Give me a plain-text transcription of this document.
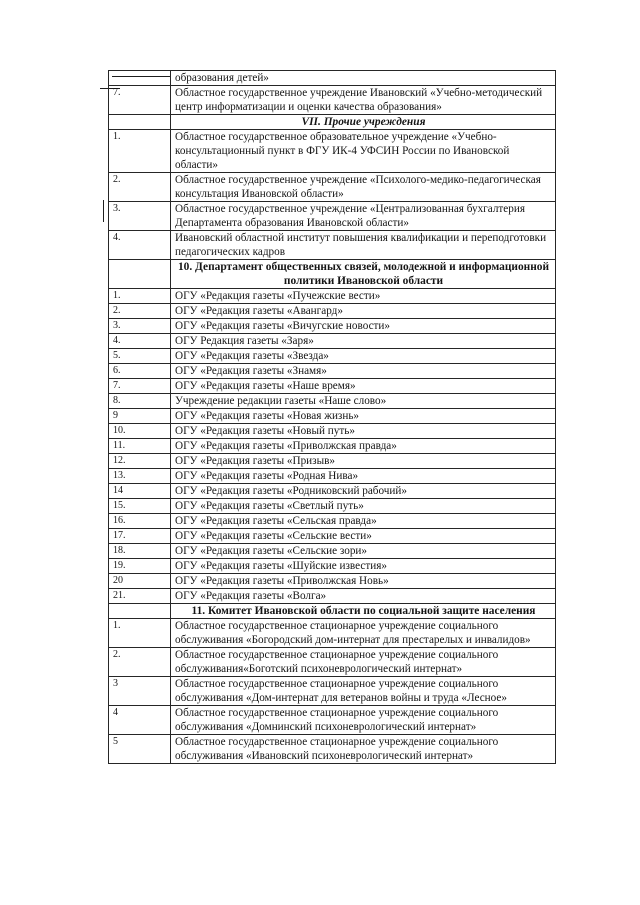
	образования детей»
7.	Областное государственное учреждение Ивановский «Учебно-методический центр информатизации и оценки качества образования»
	VII. Прочие учреждения
1.	Областное государственное образовательное учреждение «Учебно-консультационный пункт в ФГУ ИК-4 УФСИН России по Ивановской области»
2.	Областное государственное учреждение «Психолого-медико-педагогическая консультация Ивановской области»
3.	Областное государственное учреждение «Централизованная бухгалтерия Департамента образования Ивановской области»
4.	Ивановский областной институт повышения квалификации и переподготовки педагогических кадров
	10. Департамент общественных связей, молодежной и информационной политики Ивановской области
1.	ОГУ «Редакция газеты «Пучежские вести»
2.	ОГУ «Редакция газеты «Авангард»
3.	ОГУ «Редакция газеты «Вичугские новости»
4.	ОГУ Редакция газеты «Заря»
5.	ОГУ «Редакция газеты «Звезда»
6.	ОГУ «Редакция газеты «Знамя»
7.	ОГУ «Редакция газеты «Наше время»
8.	Учреждение редакции газеты «Наше слово»
9	ОГУ «Редакция газеты «Новая жизнь»
10.	ОГУ «Редакция газеты «Новый путь»
11.	ОГУ «Редакция газеты «Приволжская правда»
12.	ОГУ «Редакция газеты «Призыв»
13.	ОГУ «Редакция газеты «Родная Нива»
14	ОГУ «Редакция газеты «Родниковский рабочий»
15.	ОГУ «Редакция газеты «Светлый путь»
16.	ОГУ «Редакция газеты «Сельская правда»
17.	ОГУ «Редакция газеты «Сельские вести»
18.	ОГУ «Редакция газеты «Сельские зори»
19.	ОГУ «Редакция газеты «Шуйские известия»
20	ОГУ «Редакция газеты «Приволжская Новь»
21.	ОГУ «Редакция газеты «Волга»
	11. Комитет Ивановской области по социальной защите населения
1.	Областное государственное стационарное учреждение социального обслуживания «Богородский дом-интернат для престарелых и инвалидов»
2.	Областное государственное стационарное учреждение социального обслуживания«Боготский психоневрологический интернат»
3	Областное государственное стационарное учреждение социального обслуживания «Дом-интернат для ветеранов войны и труда «Лесное»
4	Областное государственное стационарное учреждение социального обслуживания «Домнинский психоневрологический интернат»
5	Областное государственное стационарное учреждение социального обслуживания «Ивановский психоневрологический интернат»
